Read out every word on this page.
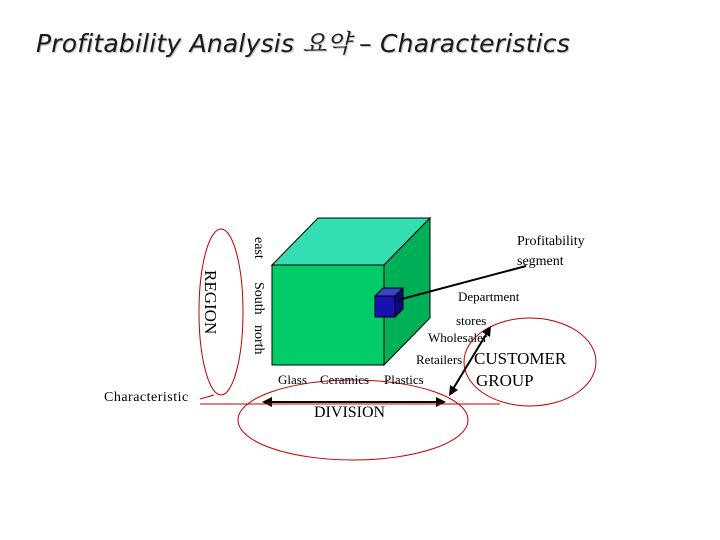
Profitability Analysis 요약 – Characteristics
REGION
east
South
north
Glass Ceramics Plastics
DIVISION
Department
stores
Wholesaler
Retailers CUSTOMER
GROUP
Profitability
segment
Characteristic
